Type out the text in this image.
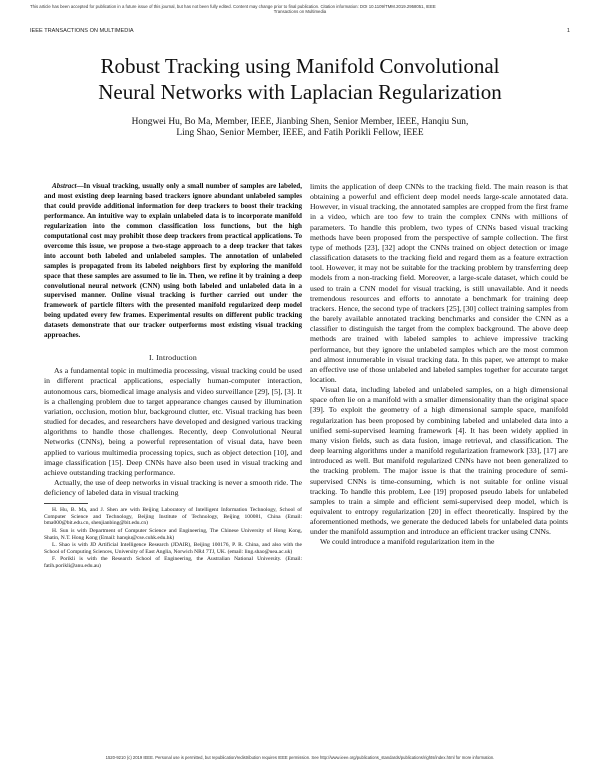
This article has been accepted for publication in a future issue of this journal, but has not been fully edited. Content may change prior to final publication. Citation information: DOI 10.1109/TMM.2019.2958051, IEEE
Transactions on Multimedia
IEEE TRANSACTIONS ON MULTIMEDIA	1
Robust Tracking using Manifold Convolutional
Neural Networks with Laplacian Regularization
Hongwei Hu, Bo Ma, Member, IEEE, Jianbing Shen, Senior Member, IEEE, Hanqiu Sun,
Ling Shao, Senior Member, IEEE, and Fatih Porikli Fellow, IEEE

Abstract—In visual tracking, usually only a small number of samples are labeled, and most existing deep learning based trackers ignore abundant unlabeled samples that could provide additional information for deep trackers to boost their tracking performance. An intuitive way to explain unlabeled data is to incorporate manifold regularization into the common classification loss functions, but the high computational cost may prohibit those deep trackers from practical applications. To overcome this issue, we propose a two-stage approach to a deep tracker that takes into account both labeled and unlabeled samples. The annotation of unlabeled samples is propagated from its labeled neighbors first by exploring the manifold space that these samples are assumed to lie in. Then, we refine it by training a deep convolutional neural network (CNN) using both labeled and unlabeled data in a supervised manner. Online visual tracking is further carried out under the framework of particle filters with the presented manifold regularized deep model being updated every few frames. Experimental results on different public tracking datasets demonstrate that our tracker outperforms most existing visual tracking approaches.

I. Introduction

As a fundamental topic in multimedia processing, visual tracking could be used in different practical applications, especially human-computer interaction, autonomous cars, biomedical image analysis and video surveillance [29], [5], [3]. It is a challenging problem due to target appearance changes caused by illumination variation, occlusion, motion blur, background clutter, etc. Visual tracking has been studied for decades, and researchers have developed and designed various tracking algorithms to handle those challenges. Recently, deep Convolutional Neural Networks (CNNs), being a powerful representation of visual data, have been applied to various multimedia processing topics, such as object detection [10], and image classification [15]. Deep CNNs have also been used in visual tracking and achieve outstanding tracking performance.

Actually, the use of deep networks in visual tracking is never a smooth ride. The deficiency of labeled data in visual tracking

H. Hu, B. Ma, and J. Shen are with Beijing Laboratory of Intelligent Information Technology, School of Computer Science and Technology, Beijing Institute of Technology, Beijing 100081, China (Email: bma000@bit.edu.cn, shenjianbing@bit.edu.cn)

H. Sun is with Department of Computer Science and Engineering, The Chinese University of Hong Kong, Shatin, N.T. Hong Kong (Email: hanqiu@cse.cuhk.edu.hk)

L. Shao is with JD Artificial Intelligence Research (JDAIR), Beijing 100176, P. R. China, and also with the School of Computing Sciences, University of East Anglia, Norwich NR4 7TJ, UK. (email: ling.shao@uea.ac.uk)

F. Porikli is with the Research School of Engineering, the Australian National University. (Email: fatih.porikli@anu.edu.au)

limits the application of deep CNNs to the tracking field. The main reason is that obtaining a powerful and efficient deep model needs large-scale annotated data. However, in visual tracking, the annotated samples are cropped from the first frame in a video, which are too few to train the complex CNNs with millions of parameters. To handle this problem, two types of CNNs based visual tracking methods have been proposed from the perspective of sample collection. The first type of methods [23], [32] adopt the CNNs trained on object detection or image classification datasets to the tracking field and regard them as a feature extraction tool. However, it may not be suitable for the tracking problem by transferring deep models from a non-tracking field. Moreover, a large-scale dataset, which could be used to train a CNN model for visual tracking, is still unavailable. And it needs tremendous resources and efforts to annotate a benchmark for training deep trackers. Hence, the second type of trackers [25], [30] collect training samples from the barely available annotated tracking benchmarks and consider the CNN as a classifier to distinguish the target from the complex background. The above deep methods are trained with labeled samples to achieve impressive tracking performance, but they ignore the unlabeled samples which are the most common and almost innumerable in visual tracking data. In this paper, we attempt to make an effective use of those unlabeled and labeled samples together for accurate target location.

Visual data, including labeled and unlabeled samples, on a high dimensional space often lie on a manifold with a smaller dimensionality than the original space [39]. To exploit the geometry of a high dimensional sample space, manifold regularization has been proposed by combining labeled and unlabeled data into a unified semi-supervised learning framework [4]. It has been widely applied in many vision fields, such as data fusion, image retrieval, and classification. The deep learning algorithms under a manifold regularization framework [33], [17] are introduced as well. But manifold regularized CNNs have not been generalized to the tracking problem. The major issue is that the training procedure of semi-supervised CNNs is time-consuming, which is not suitable for online visual tracking. To handle this problem, Lee [19] proposed pseudo labels for unlabeled samples to train a simple and efficient semi-supervised deep model, which is equivalent to entropy regularization [20] in effect theoretically. Inspired by the aforementioned methods, we generate the deduced labels for unlabeled data points under the manifold assumption and introduce an efficient tracker using CNNs.

We could introduce a manifold regularization item in the

1520-9210 (c) 2019 IEEE. Personal use is permitted, but republication/redistribution requires IEEE permission. See http://www.ieee.org/publications_standards/publications/rights/index.html for more information.
